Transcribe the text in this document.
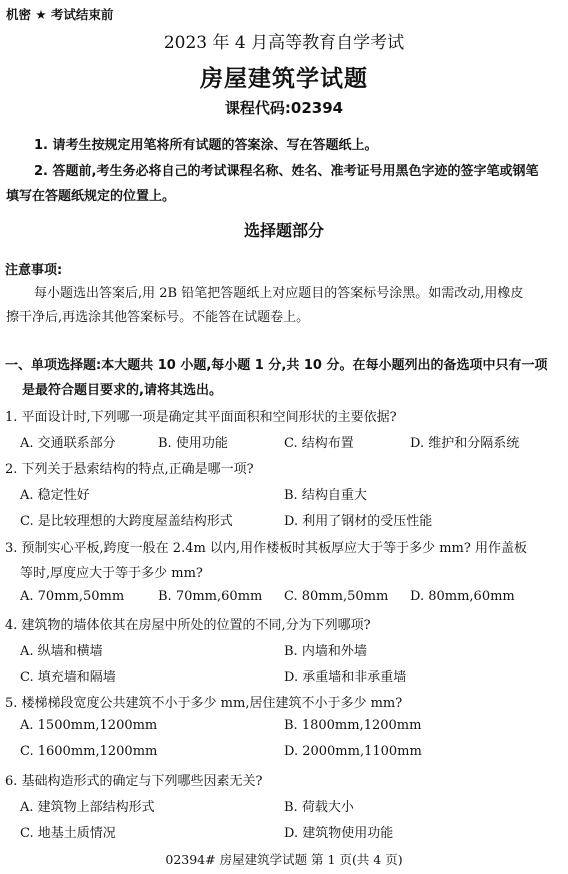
机密 ★ 考试结束前
2023 年 4 月高等教育自学考试
房屋建筑学试题
课程代码:02394
1. 请考生按规定用笔将所有试题的答案涂、写在答题纸上。
2. 答题前,考生务必将自己的考试课程名称、姓名、准考证号用黑色字迹的签字笔或钢笔
填写在答题纸规定的位置上。
选择题部分
注意事项:
每小题选出答案后,用 2B 铅笔把答题纸上对应题目的答案标号涂黑。如需改动,用橡皮
擦干净后,再选涂其他答案标号。不能答在试题卷上。
一、单项选择题:本大题共 10 小题,每小题 1 分,共 10 分。在每小题列出的备选项中只有一项
是最符合题目要求的,请将其选出。
1. 平面设计时,下列哪一项是确定其平面面积和空间形状的主要依据?
A. 交通联系部分	B. 使用功能	C. 结构布置	D. 维护和分隔系统
2. 下列关于悬索结构的特点,正确是哪一项?
A. 稳定性好	B. 结构自重大
C. 是比较理想的大跨度屋盖结构形式	D. 利用了钢材的受压性能
3. 预制实心平板,跨度一般在 2.4m 以内,用作楼板时其板厚应大于等于多少 mm? 用作盖板
等时,厚度应大于等于多少 mm?
A. 70mm,50mm	B. 70mm,60mm C. 80mm,50mm D. 80mm,60mm
4. 建筑物的墙体依其在房屋中所处的位置的不同,分为下列哪项?
A. 纵墙和横墙	B. 内墙和外墙
C. 填充墙和隔墙	D. 承重墙和非承重墙
5. 楼梯梯段宽度公共建筑不小于多少 mm,居住建筑不小于多少 mm?
A. 1500mm,1200mm	B. 1800mm,1200mm
C. 1600mm,1200mm	D. 2000mm,1100mm
6. 基础构造形式的确定与下列哪些因素无关?
A. 建筑物上部结构形式	B. 荷载大小
C. 地基土质情况	D. 建筑物使用功能
02394# 房屋建筑学试题 第 1 页(共 4 页)
